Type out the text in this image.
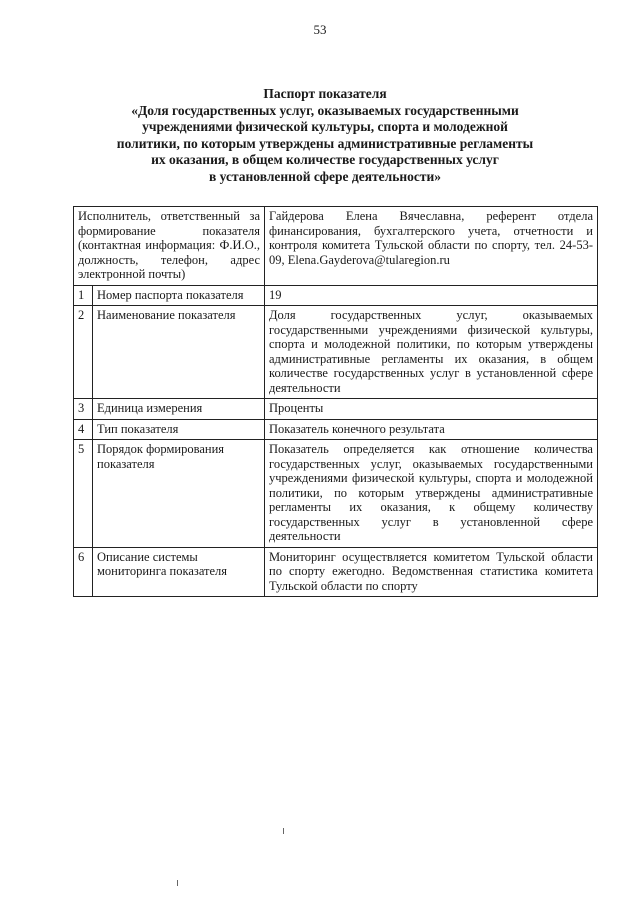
53
Паспорт показателя
«Доля государственных услуг, оказываемых государственными
учреждениями физической культуры, спорта и молодежной
политики, по которым утверждены административные регламенты
их оказания, в общем количестве государственных услуг
в установленной сфере деятельности»
Исполнитель, ответственный за формирование показателя (контактная информация: Ф.И.О., должность, телефон, адрес электронной почты)		Гайдерова Елена Вячеславна, референт отдела финансирования, бухгалтерского учета, отчетности и контроля комитета Тульской области по спорту, тел. 24-53-09, Elena.Gayderova@tularegion.ru
1	Номер паспорта показателя	19
2	Наименование показателя	Доля государственных услуг, оказываемых государственными учреждениями физической культуры, спорта и молодежной политики, по которым утверждены административные регламенты их оказания, в общем количестве государственных услуг в установленной сфере деятельности
3	Единица измерения	Проценты
4	Тип показателя	Показатель конечного результата
5	Порядок формирования показателя	Показатель определяется как отношение количества государственных услуг, оказываемых государственными учреждениями физической культуры, спорта и молодежной политики, по которым утверждены административные регламенты их оказания, к общему количеству государственных услуг в установленной сфере деятельности
6	Описание системы мониторинга показателя	Мониторинг осуществляется комитетом Тульской области по спорту ежегодно. Ведомственная статистика комитета Тульской области по спорту
